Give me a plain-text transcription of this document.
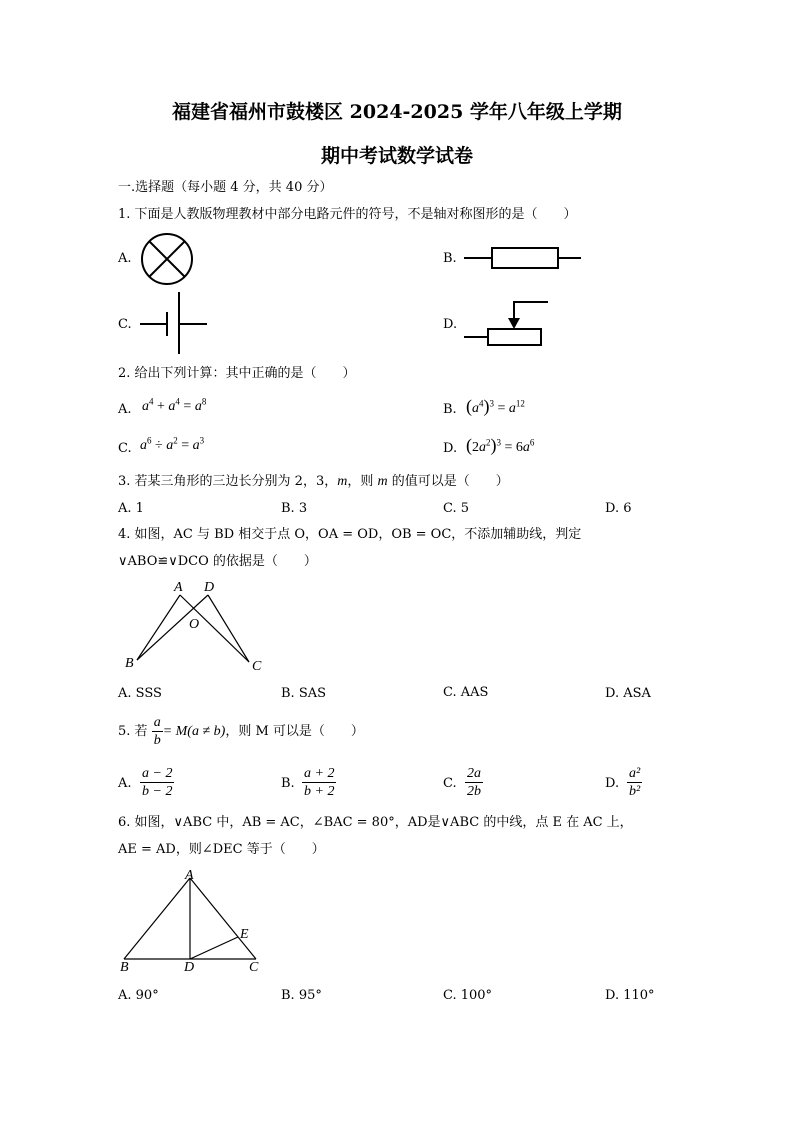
福建省福州市鼓楼区 2024-2025 学年八年级上学期
期中考试数学试卷
一.选择题（每小题 4 分，共 40 分）
1. 下面是人教版物理教材中部分电路元件的符号，不是轴对称图形的是（　　）
A.	B.
C.	D.
2. 给出下列计算：其中正确的是（　　）
A. $a^4 + a^4 = a^8$
B. $(a^4)^3 = a^{12}$
C. $a^6 \div a^2 = a^3$
D. $(2a^2)^3 = 6a^6$
3. 若某三角形的三边长分别为 2，3，m，则 m 的值可以是（　　）
A. 1	B. 3	C. 5	D. 6
4. 如图，AC 与 BD 相交于点 O，OA = OD，OB = OC，不添加辅助线，判定
∨ABO≌∨DCO 的依据是（　　）
A D
O
B	C
A. SSS	B. SAS	C. AAS	D. ASA
5. 若 $\frac{a}{b} = M(a \ne b)$，则 M 可以是（　　）
A. $\frac{a - 2}{b - 2}$	B. $\frac{a + 2}{b + 2}$	C. $\frac{2a}{2b}$	D. $\frac{\text{a²}}{\text{b²}}$
6. 如图，∨ABC 中，AB = AC，∠BAC = 80°，AD是∨ABC 的中线，点 E 在 AC 上，
AE = AD，则∠DEC 等于（　　）
A
E
B	D	C
A. 90°	B. 95°	C. 100°	D. 110°
